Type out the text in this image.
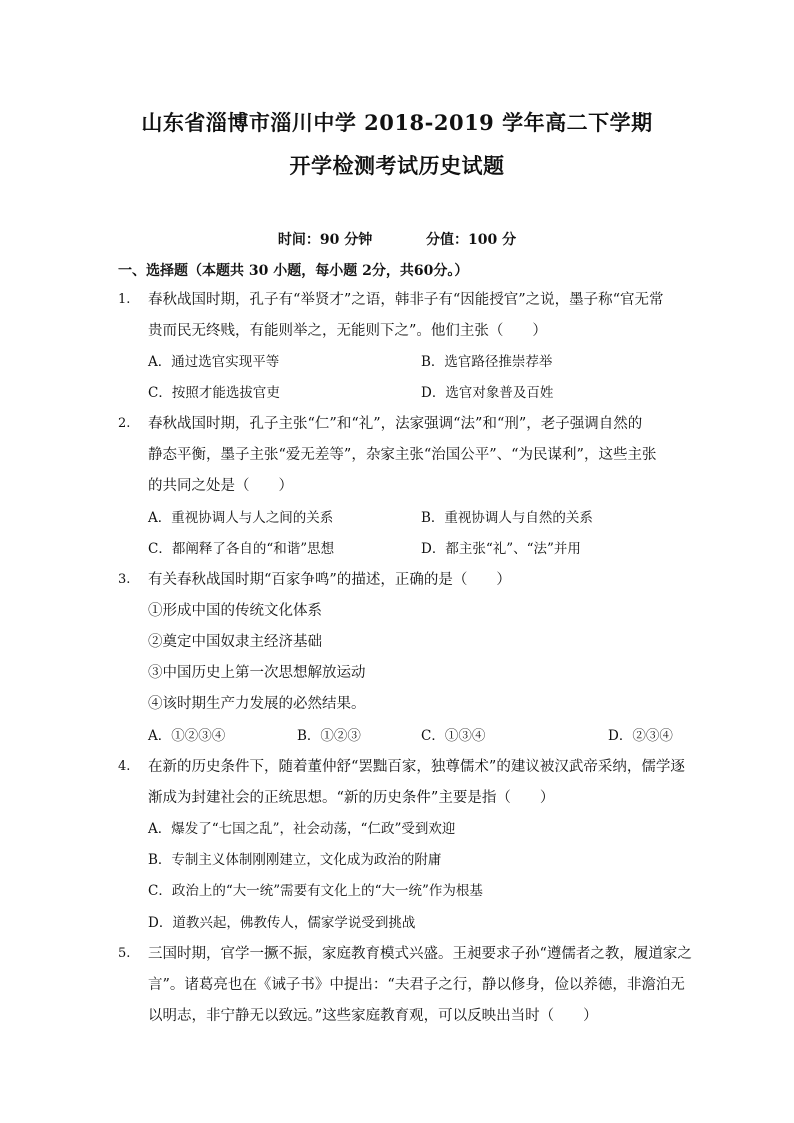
山东省淄博市淄川中学 2018-2019 学年高二下学期
开学检测考试历史试题
时间：90 分钟	分值：100 分
一、选择题（本题共 30 小题，每小题 2分，共60分。）
1. 春秋战国时期，孔子有“举贤才”之语，韩非子有“因能授官”之说，墨子称“官无常
贵而民无终贱，有能则举之，无能则下之”。他们主张（　　）
A．通过选官实现平等	B．选官路径推崇荐举
C．按照才能选拔官吏	D．选官对象普及百姓
2. 春秋战国时期，孔子主张“仁”和“礼”，法家强调“法”和“刑”，老子强调自然的
静态平衡，墨子主张“爱无差等”，杂家主张“治国公平”、“为民谋利”，这些主张
的共同之处是（　　）
A．重视协调人与人之间的关系	B．重视协调人与自然的关系
C．都阐释了各自的“和谐”思想	D．都主张“礼”、“法”并用
3. 有关春秋战国时期“百家争鸣”的描述，正确的是（　　）
①形成中国的传统文化体系
②奠定中国奴隶主经济基础
③中国历史上第一次思想解放运动
④该时期生产力发展的必然结果。
A．①②③④	B．①②③	C．①③④	D．②③④
4. 在新的历史条件下，随着董仲舒“罢黜百家，独尊儒术”的建议被汉武帝采纳，儒学逐
渐成为封建社会的正统思想。“新的历史条件”主要是指（　　）
A．爆发了“七国之乱”，社会动荡，“仁政”受到欢迎
B．专制主义体制刚刚建立，文化成为政治的附庸
C．政治上的“大一统”需要有文化上的“大一统”作为根基
D．道教兴起，佛教传人，儒家学说受到挑战
5. 三国时期，官学一撅不振，家庭教育模式兴盛。王昶要求子孙“遵儒者之教，履道家之
言”。诸葛亮也在《诫子书》中提出：“夫君子之行，静以修身，俭以养德，非澹泊无
以明志，非宁静无以致远。”这些家庭教育观，可以反映出当时（　　）
